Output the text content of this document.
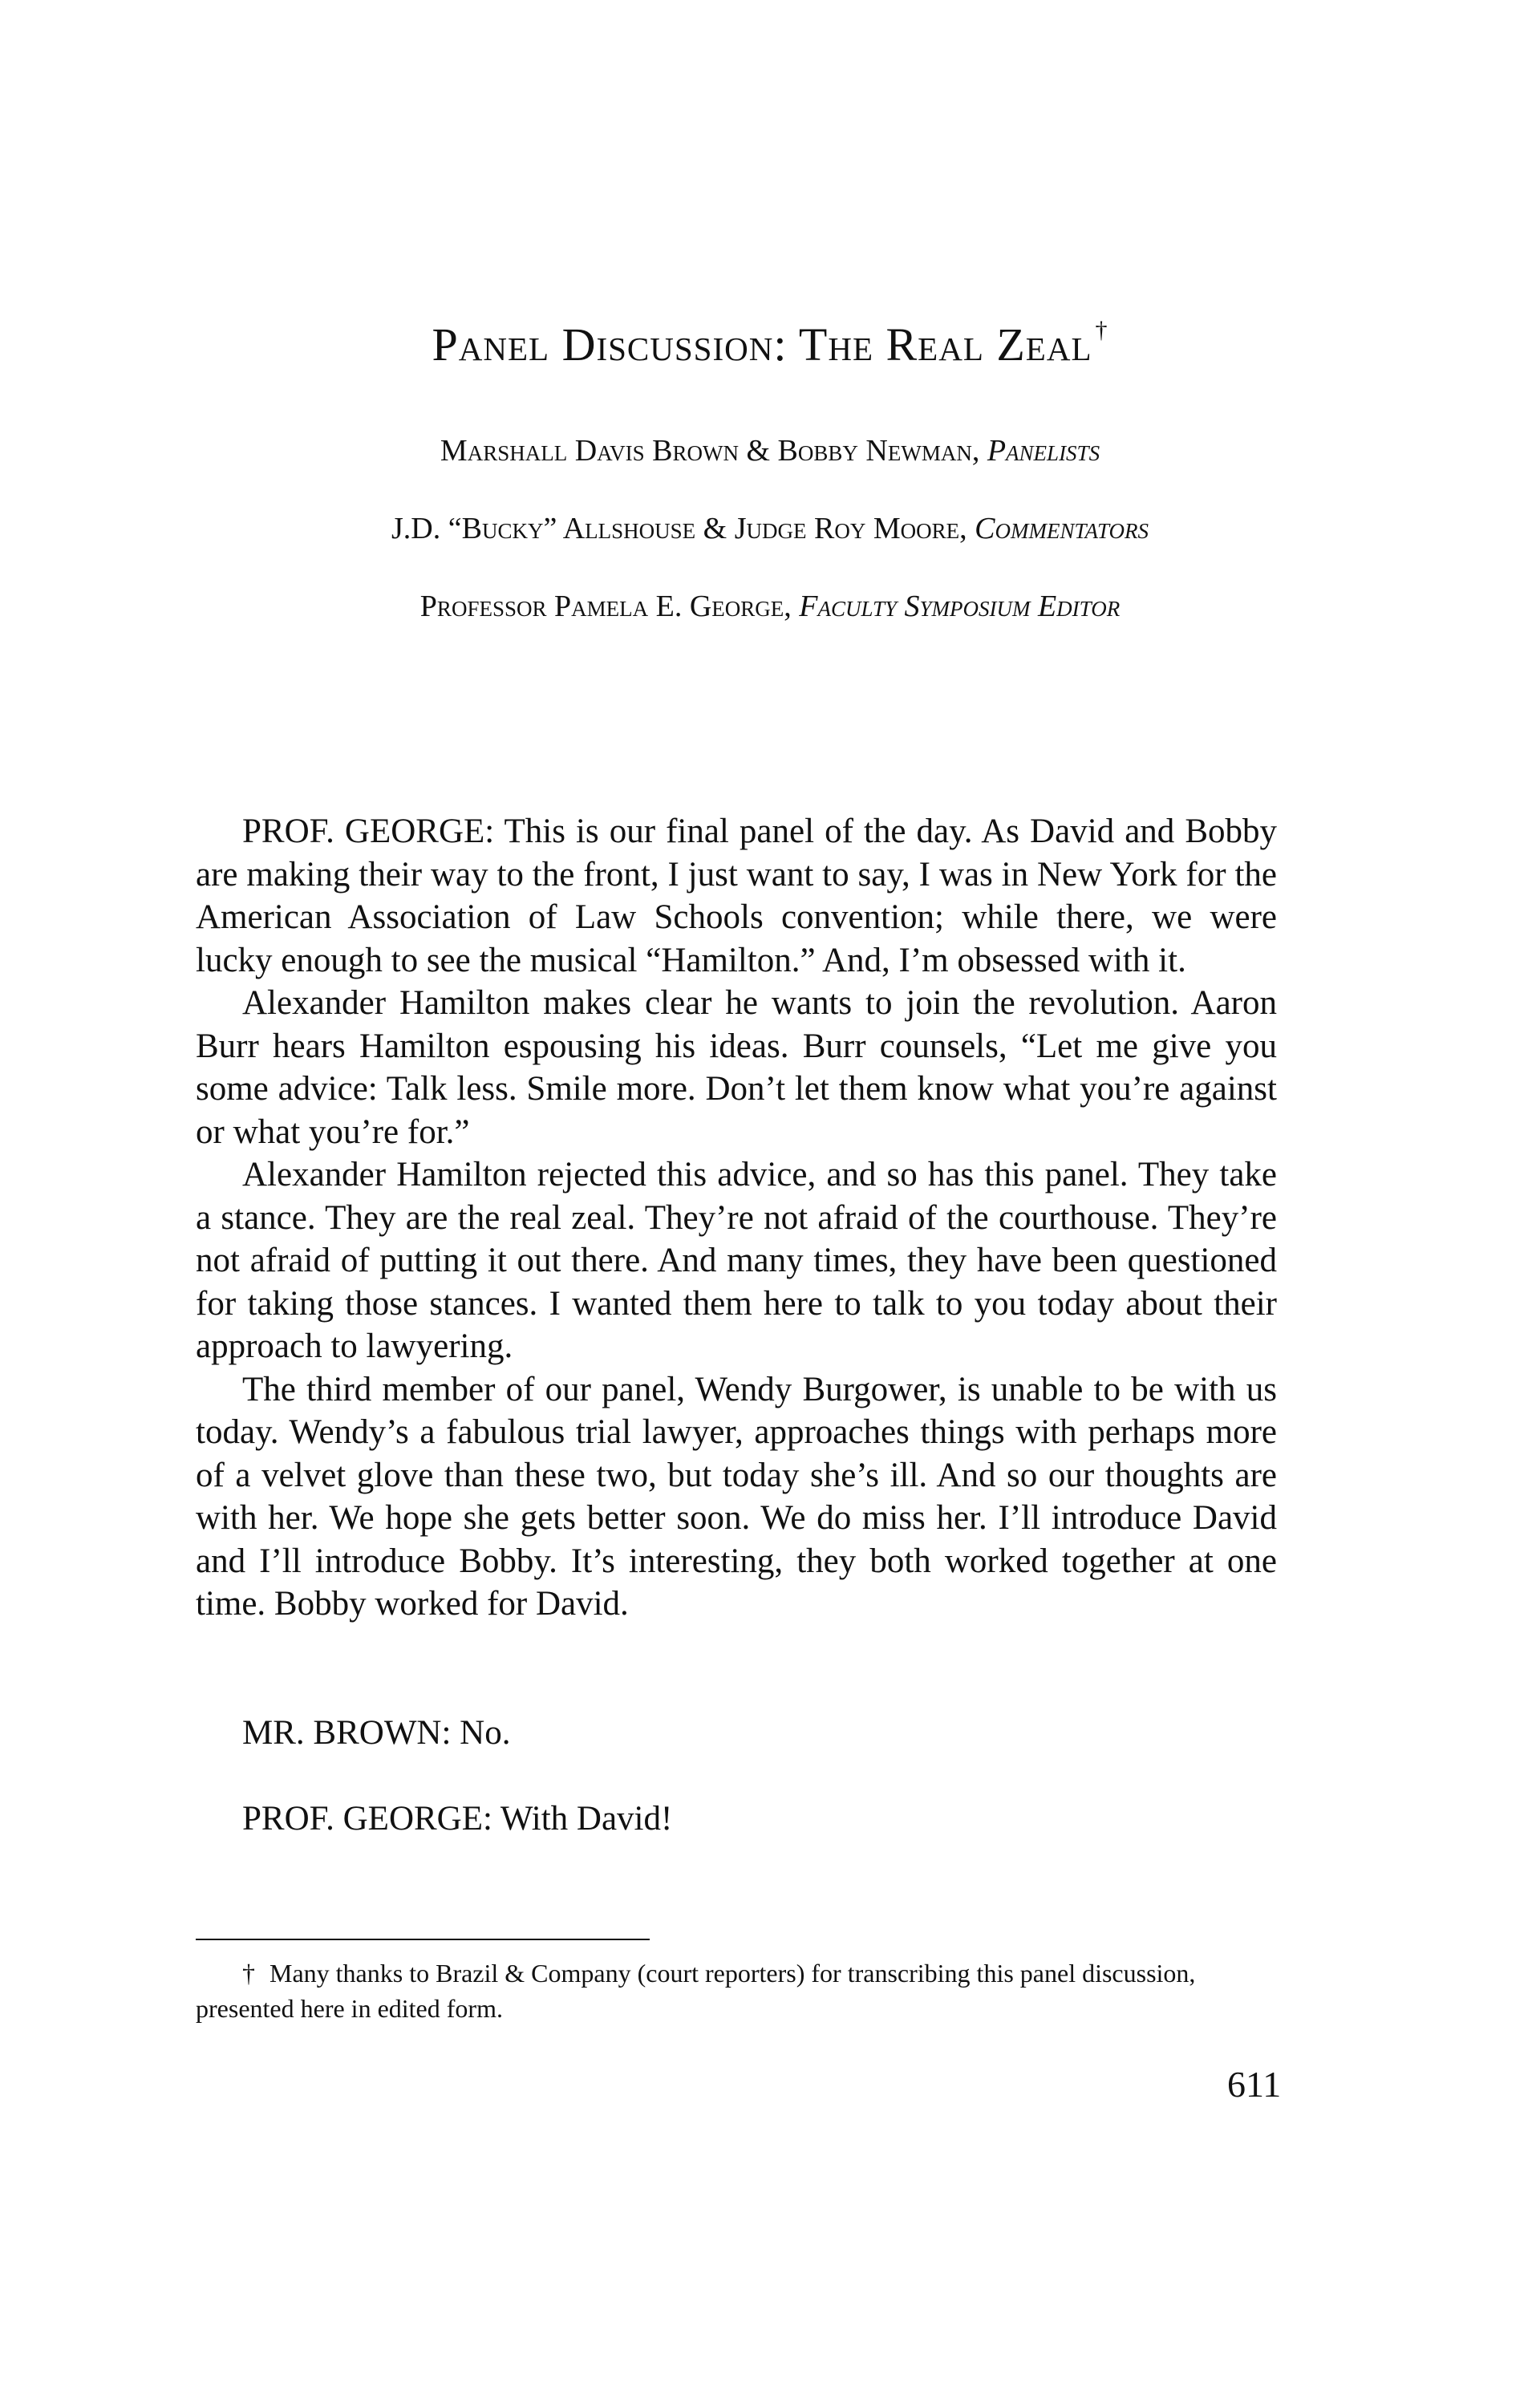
Panel Discussion: The Real Zeal †
Marshall Davis Brown & Bobby Newman, Panelists
J.D. “Bucky” Allshouse & Judge Roy Moore, Commentators
Professor Pamela E. George, Faculty Symposium Editor

PROF. GEORGE: This is our final panel of the day. As David and Bobby are making their way to the front, I just want to say, I was in New York for the American Association of Law Schools convention; while there, we were lucky enough to see the musical “Hamilton.” And, I’m obsessed with it.

Alexander Hamilton makes clear he wants to join the revolution. Aaron Burr hears Hamilton espousing his ideas. Burr counsels, “Let me give you some advice: Talk less. Smile more. Don’t let them know what you’re against or what you’re for.”

Alexander Hamilton rejected this advice, and so has this panel. They take a stance. They are the real zeal. They’re not afraid of the courthouse. They’re not afraid of putting it out there. And many times, they have been questioned for taking those stances. I wanted them here to talk to you today about their approach to lawyering.

The third member of our panel, Wendy Burgower, is unable to be with us today. Wendy’s a fabulous trial lawyer, approaches things with perhaps more of a velvet glove than these two, but today she’s ill. And so our thoughts are with her. We hope she gets better soon. We do miss her. I’ll introduce David and I’ll introduce Bobby. It’s interesting, they both worked together at one time. Bobby worked for David.

MR. BROWN: No.
PROF. GEORGE: With David!
† Many thanks to Brazil & Company (court reporters) for transcribing this panel discussion, presented here in edited form.
611
